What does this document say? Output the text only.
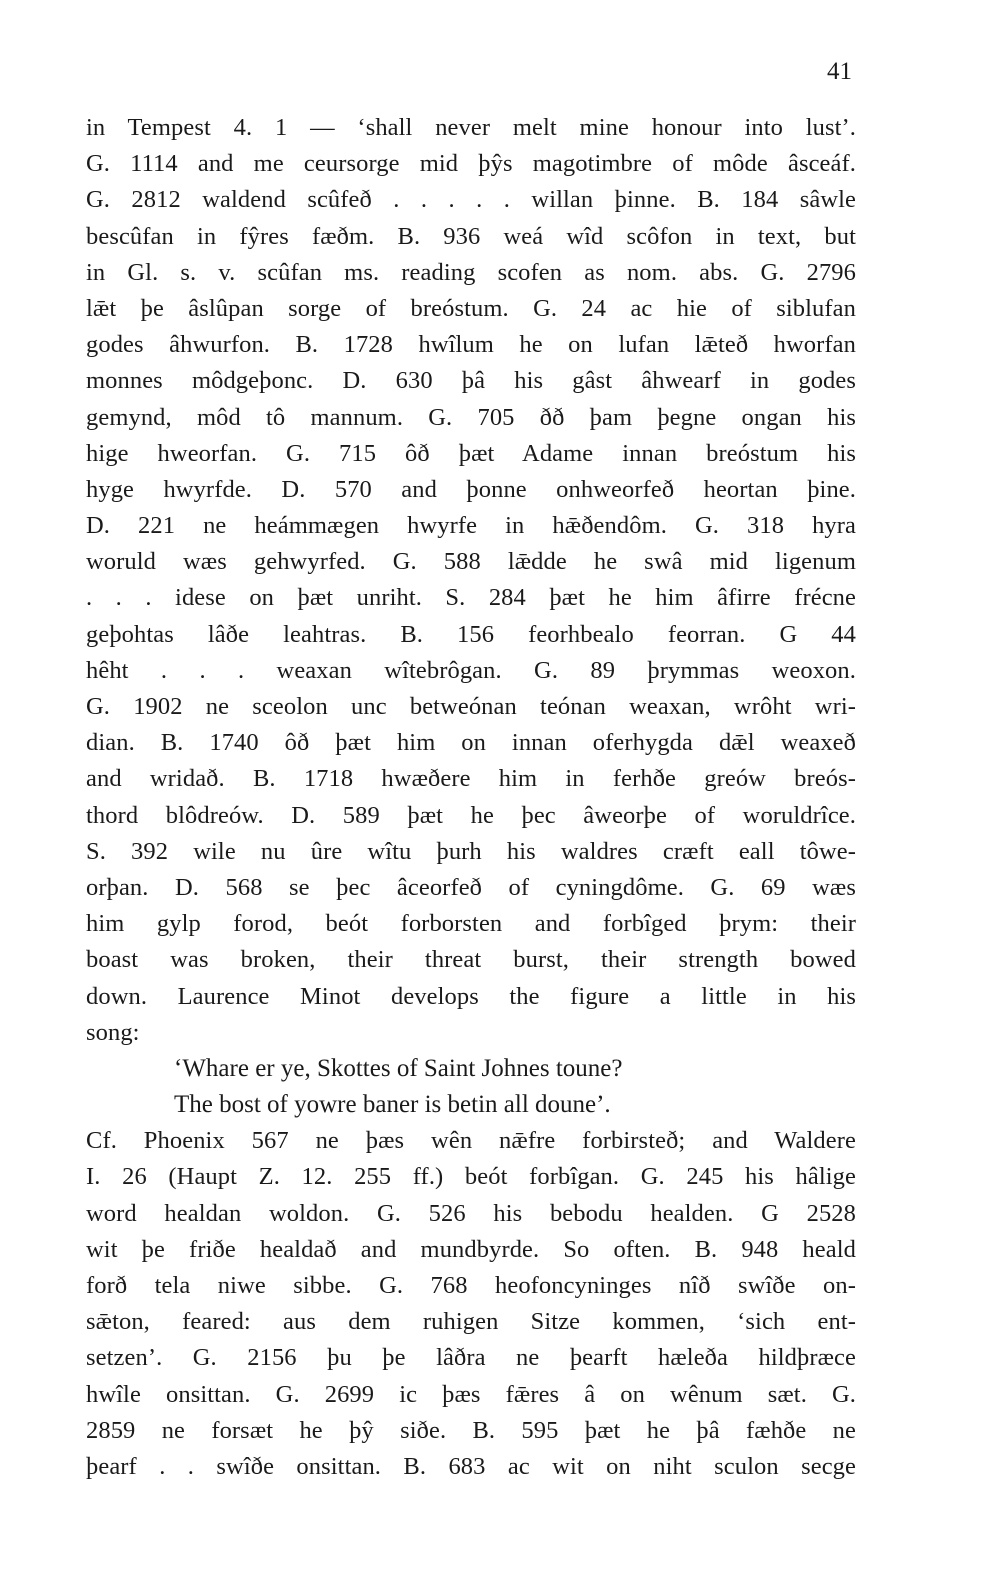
41
in Tempest 4. 1 — ‘shall never melt mine honour into lust’.
G. 1114 and me ceursorge mid þŷs magotimbre of môde âsceáf.
G. 2812 waldend scûfeð . . . . . willan þinne. B. 184 sâwle
bescûfan in fŷres fæðm. B. 936 weá wîd scôfon in text, but
in Gl. s. v. scûfan ms. reading scofen as nom. abs. G. 2796
lǣt þe âslûpan sorge of breóstum. G. 24 ac hie of siblufan
godes âhwurfon. B. 1728 hwîlum he on lufan lǣteð hworfan
monnes môdgeþonc. D. 630 þâ his gâst âhwearf in godes
gemynd, môd tô mannum. G. 705 ðð þam þegne ongan his
hige hweorfan. G. 715 ôð þæt Adame innan breóstum his
hyge hwyrfde. D. 570 and þonne onhweorfeð heortan þine.
D. 221 ne heámmægen hwyrfe in hǣðendôm. G. 318 hyra
woruld wæs gehwyrfed. G. 588 lǣdde he swâ mid ligenum
. . . idese on þæt unriht. S. 284 þæt he him âfirre frécne
geþohtas lâðe leahtras. B. 156 feorhbealo feorran. G 44
hêht . . . weaxan wîtebrôgan. G. 89 þrymmas weoxon.
G. 1902 ne sceolon unc betweónan teónan weaxan, wrôht wri-
dian. B. 1740 ôð þæt him on innan oferhygda dǣl weaxeð
and wridað. B. 1718 hwæðere him in ferhðe greów breós-
thord blôdreów. D. 589 þæt he þec âweorþe of woruldrîce.
S. 392 wile nu ûre wîtu þurh his waldres cræft eall tôwe-
orþan. D. 568 se þec âceorfeð of cyningdôme. G. 69 wæs
him gylp forod, beót forborsten and forbîged þrym: their
boast was broken, their threat burst, their strength bowed
down. Laurence Minot develops the figure a little in his
song:
‘Whare er ye, Skottes of Saint Johnes toune?
The bost of yowre baner is betin all doune’.
Cf. Phoenix 567 ne þæs wên nǣfre forbirsteð; and Waldere
I. 26 (Haupt Z. 12. 255 ff.) beót forbîgan. G. 245 his hâlige
word healdan woldon. G. 526 his bebodu healden. G 2528
wit þe friðe healdað and mundbyrde. So often. B. 948 heald
forð tela niwe sibbe. G. 768 heofoncyninges nîð swîðe on-
sǣton, feared: aus dem ruhigen Sitze kommen, ‘sich ent-
setzen’. G. 2156 þu þe lâðra ne þearft hæleða hildþræce
hwîle onsittan. G. 2699 ic þæs fǣres â on wênum sæt. G.
2859 ne forsæt he þŷ siðe. B. 595 þæt he þâ fæhðe ne
þearf . . swîðe onsittan. B. 683 ac wit on niht sculon secge
